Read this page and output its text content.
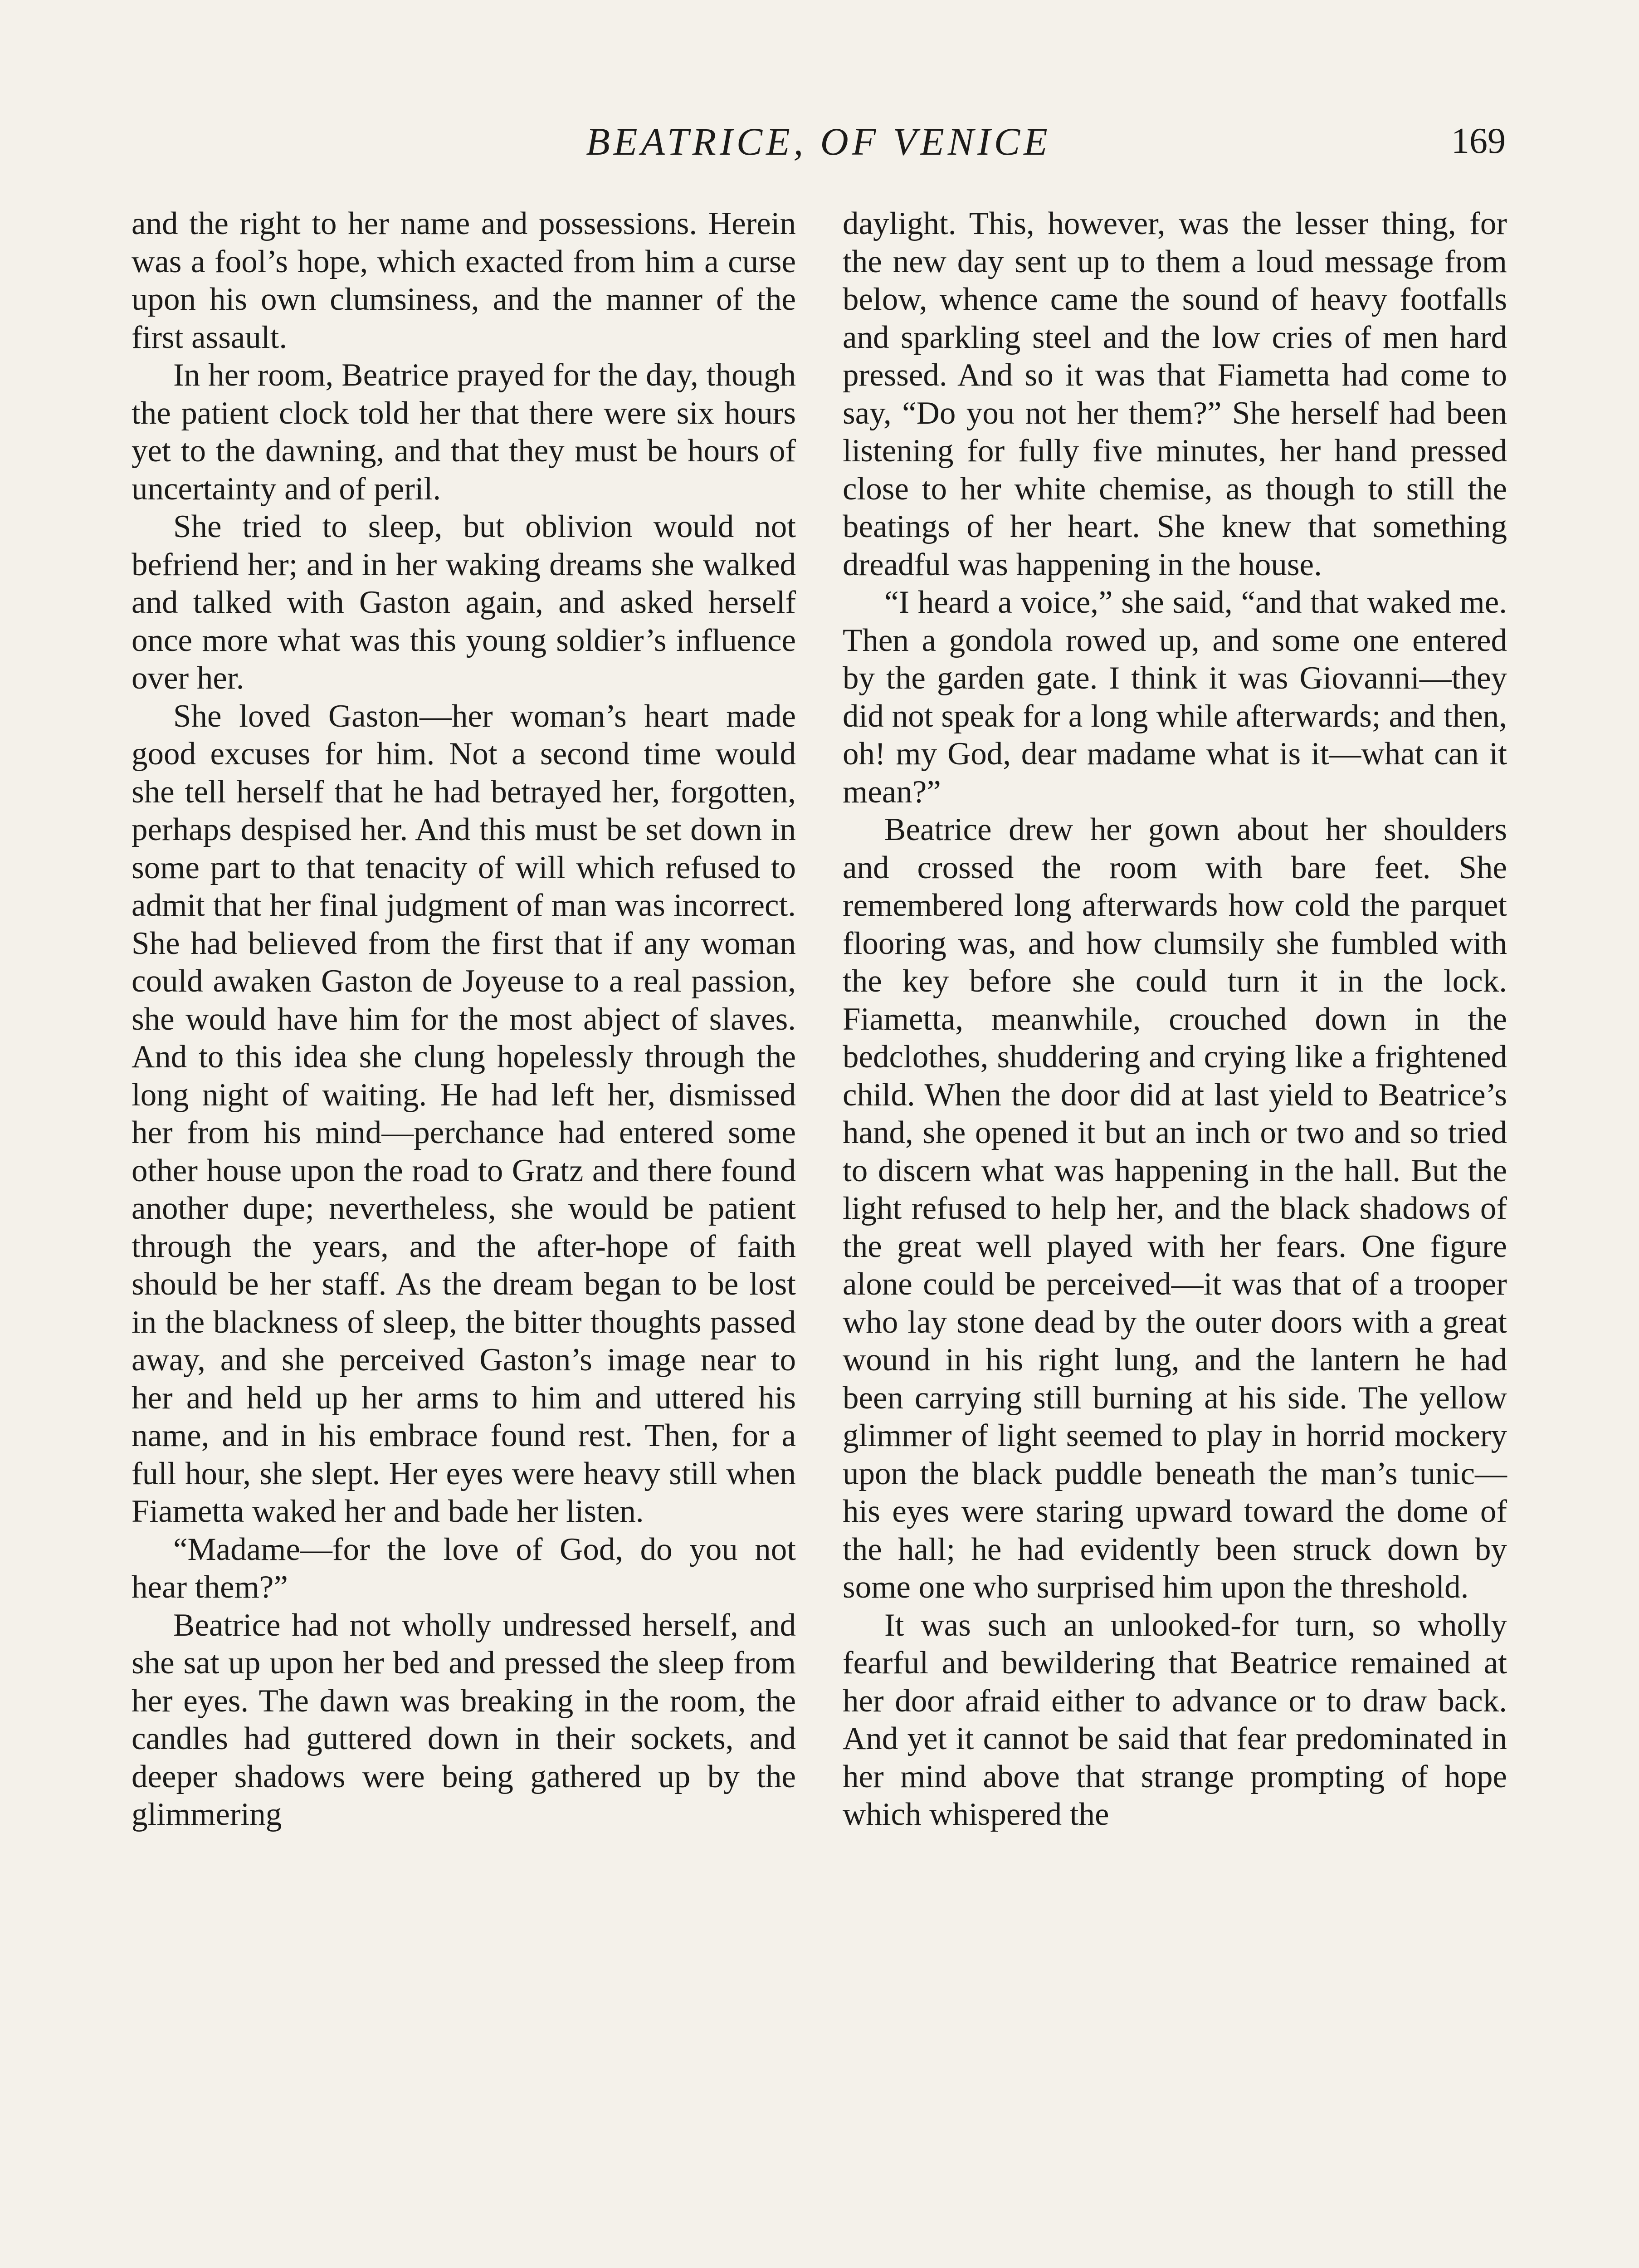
BEATRICE, OF VENICE	169

and the right to her name and possessions. Herein was a fool’s hope, which exacted from him a curse upon his own clumsiness, and the manner of the first assault.

In her room, Beatrice prayed for the day, though the patient clock told her that there were six hours yet to the dawning, and that they must be hours of uncertainty and of peril.

She tried to sleep, but oblivion would not befriend her; and in her waking dreams she walked and talked with Gaston again, and asked herself once more what was this young soldier’s influence over her.

She loved Gaston—her woman’s heart made good excuses for him. Not a second time would she tell herself that he had betrayed her, forgotten, perhaps despised her. And this must be set down in some part to that tenacity of will which refused to admit that her final judgment of man was incorrect. She had believed from the first that if any woman could awaken Gaston de Joyeuse to a real passion, she would have him for the most abject of slaves. And to this idea she clung hopelessly through the long night of waiting. He had left her, dismissed her from his mind—perchance had entered some other house upon the road to Gratz and there found another dupe; nevertheless, she would be patient through the years, and the after-hope of faith should be her staff. As the dream began to be lost in the blackness of sleep, the bitter thoughts passed away, and she perceived Gaston’s image near to her and held up her arms to him and uttered his name, and in his embrace found rest. Then, for a full hour, she slept. Her eyes were heavy still when Fiametta waked her and bade her listen.

“Madame—for the love of God, do you not hear them?”

Beatrice had not wholly undressed herself, and she sat up upon her bed and pressed the sleep from her eyes. The dawn was breaking in the room, the candles had guttered down in their sockets, and deeper shadows were being gathered up by the glimmering

daylight. This, however, was the lesser thing, for the new day sent up to them a loud message from below, whence came the sound of heavy footfalls and sparkling steel and the low cries of men hard pressed. And so it was that Fiametta had come to say, “Do you not her them?” She herself had been listening for fully five minutes, her hand pressed close to her white chemise, as though to still the beatings of her heart. She knew that something dreadful was happening in the house.

“I heard a voice,” she said, “and that waked me. Then a gondola rowed up, and some one entered by the garden gate. I think it was Giovanni—they did not speak for a long while afterwards; and then, oh! my God, dear madame what is it—what can it mean?”

Beatrice drew her gown about her shoulders and crossed the room with bare feet. She remembered long afterwards how cold the parquet flooring was, and how clumsily she fumbled with the key before she could turn it in the lock. Fiametta, meanwhile, crouched down in the bedclothes, shuddering and crying like a frightened child. When the door did at last yield to Beatrice’s hand, she opened it but an inch or two and so tried to discern what was happening in the hall. But the light refused to help her, and the black shadows of the great well played with her fears. One figure alone could be perceived—it was that of a trooper who lay stone dead by the outer doors with a great wound in his right lung, and the lantern he had been carrying still burning at his side. The yellow glimmer of light seemed to play in horrid mockery upon the black puddle beneath the man’s tunic—his eyes were staring upward toward the dome of the hall; he had evidently been struck down by some one who surprised him upon the threshold.

It was such an unlooked-for turn, so wholly fearful and bewildering that Beatrice remained at her door afraid either to advance or to draw back. And yet it cannot be said that fear predominated in her mind above that strange prompting of hope which whispered the
